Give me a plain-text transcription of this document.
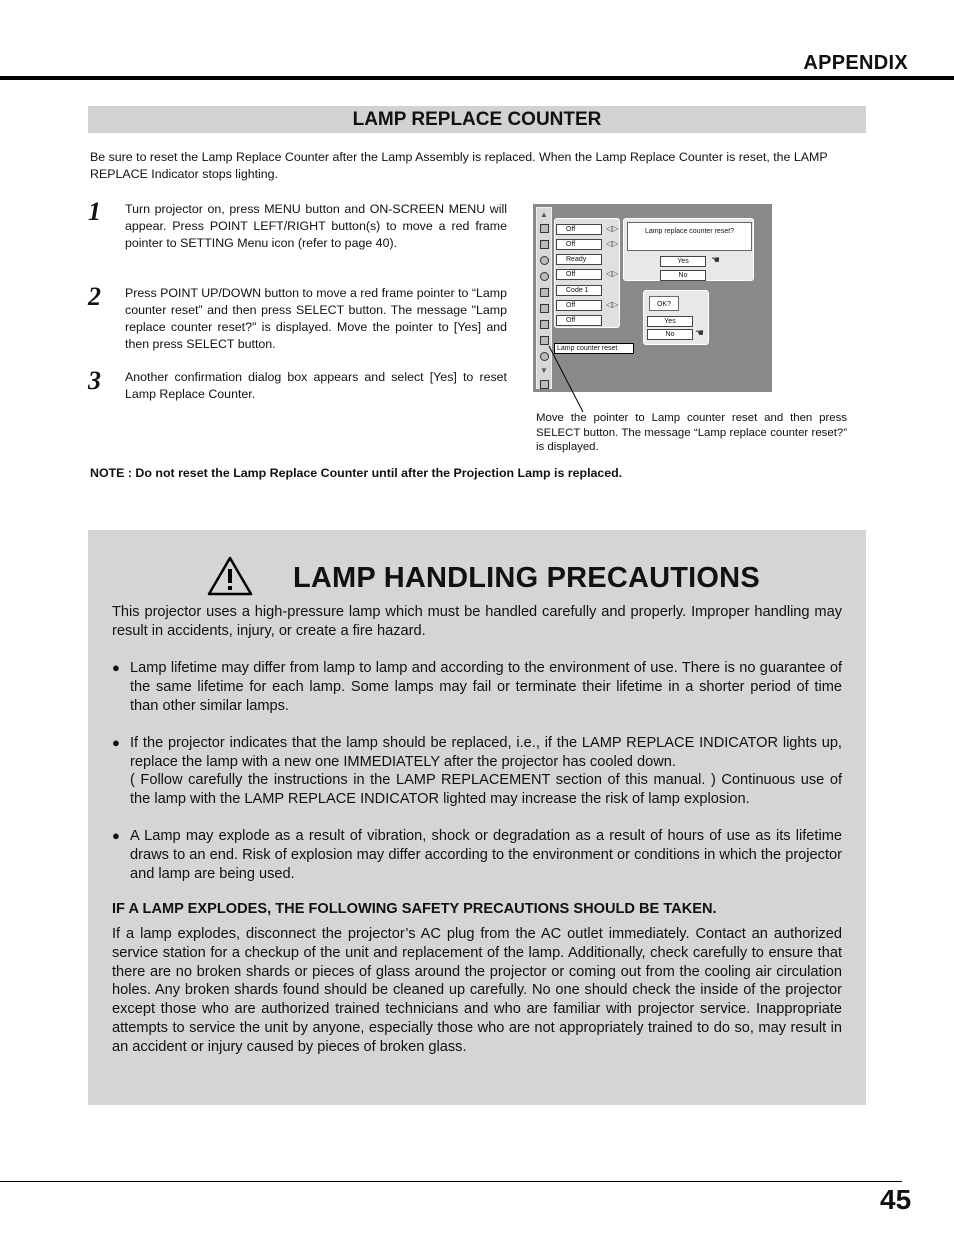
APPENDIX
LAMP REPLACE COUNTER

Be sure to reset the Lamp Replace Counter after the Lamp Assembly is replaced. When the Lamp Replace Counter is reset, the LAMP REPLACE Indicator stops lighting.

1 Turn projector on, press MENU button and ON-SCREEN MENU will appear. Press POINT LEFT/RIGHT button(s) to move a red frame pointer to SETTING Menu icon (refer to page 40).

2 Press POINT UP/DOWN button to move a red frame pointer to “Lamp counter reset” and then press SELECT button. The message "Lamp replace counter reset?" is displayed. Move the pointer to [Yes] and then press SELECT button.

3 Another confirmation dialog box appears and select [Yes] to reset Lamp Replace Counter.

▲
▼
Off	◁▷
Off	◁▷
Ready
Off	◁▷
Code 1
Off	◁▷
Off
Lamp counter reset
Lamp replace counter reset?
Yes
No
☚
OK?
Yes
No	☚

Move the pointer to Lamp counter reset and then press SELECT button. The message “Lamp replace counter reset?” is displayed.

NOTE : Do not reset the Lamp Replace Counter until after the Projection Lamp is replaced.

LAMP HANDLING PRECAUTIONS

This projector uses a high-pressure lamp which must be handled carefully and properly. Improper handling may result in accidents, injury, or create a fire hazard.

● Lamp lifetime may differ from lamp to lamp and according to the environment of use. There is no guarantee of the same lifetime for each lamp. Some lamps may fail or terminate their lifetime in a shorter period of time than other similar lamps.

● If the projector indicates that the lamp should be replaced, i.e., if the LAMP REPLACE INDICATOR lights up, replace the lamp with a new one IMMEDIATELY after the projector has cooled down.

( Follow carefully the instructions in the LAMP REPLACEMENT section of this manual. ) Continuous use of the lamp with the LAMP REPLACE INDICATOR lighted may increase the risk of lamp explosion.

● A Lamp may explode as a result of vibration, shock or degradation as a result of hours of use as its lifetime draws to an end. Risk of explosion may differ according to the environment or conditions in which the projector and lamp are being used.

IF A LAMP EXPLODES, THE FOLLOWING SAFETY PRECAUTIONS SHOULD BE TAKEN.

If a lamp explodes, disconnect the projector’s AC plug from the AC outlet immediately. Contact an authorized service station for a checkup of the unit and replacement of the lamp. Additionally, check carefully to ensure that there are no broken shards or pieces of glass around the projector or coming out from the cooling air circulation holes. Any broken shards found should be cleaned up carefully. No one should check the inside of the projector except those who are authorized trained technicians and who are familiar with projector service. Inappropriate attempts to service the unit by anyone, especially those who are not appropriately trained to do so, may result in an accident or injury caused by pieces of broken glass.

45
